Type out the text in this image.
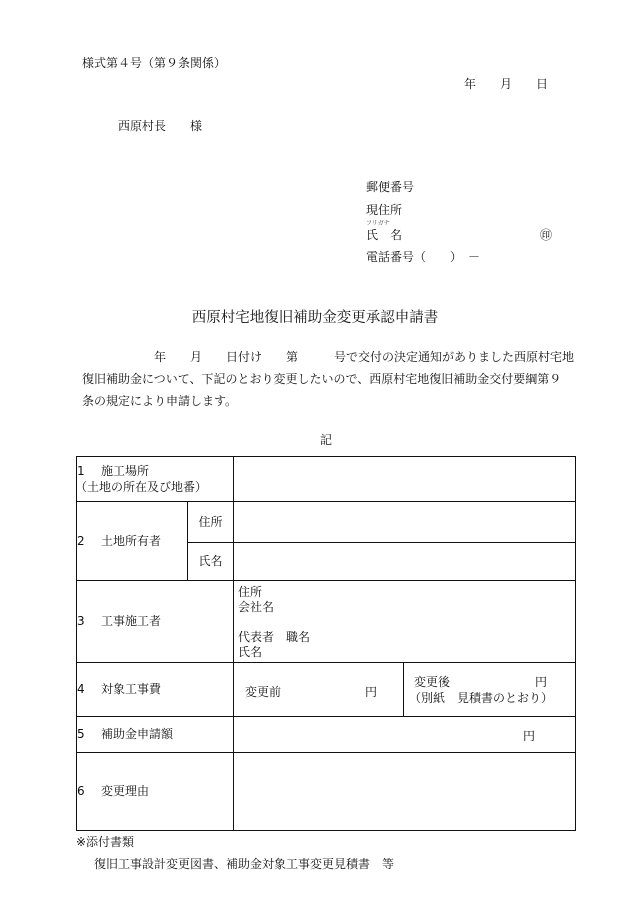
様式第４号（第９条関係）
年　　月　　日
西原村長　　様
郵便番号
現住所
フリガナ
氏　名	㊞
電話番号（　　）　－
西原村宅地復旧補助金変更承認申請書
年　　月　　日付け　　第　　　号で交付の決定通知がありました西原村宅地
復旧補助金について、下記のとおり変更したいので、西原村宅地復旧補助金交付要綱第９
条の規定により申請します。
記
1 施工場所
（土地の所在及び地番）			

2 土地所有者	住所		
	氏名		
3 工事施工者		住所
会社名
代表者　職名
氏名	

4 対象工事費		変更前 円	変更後 円
（別紙　見積書のとおり）

5 補助金申請額		円	

6 変更理由			
※添付書類
復旧工事設計変更図書、補助金対象工事変更見積書　等
